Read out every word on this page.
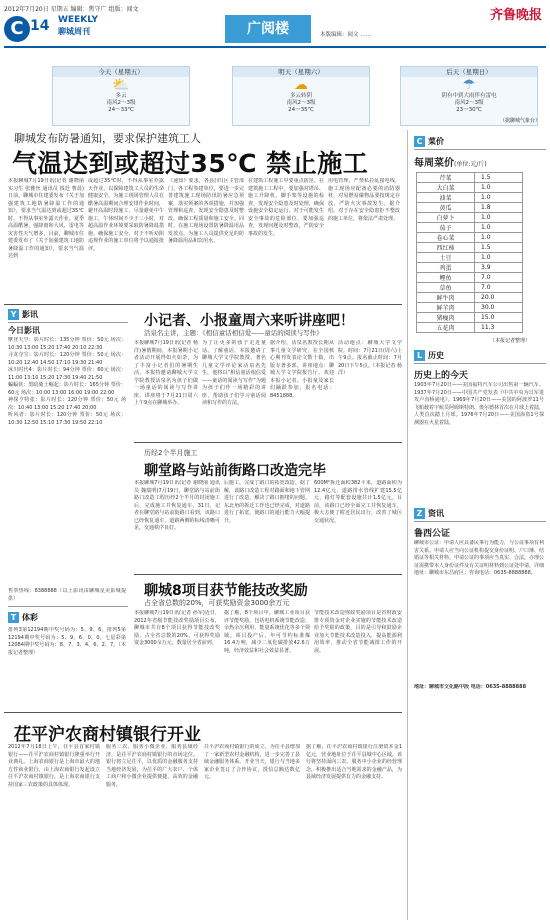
2012年7月20日 星期五 编辑：焦守广 组版：闻文	齐鲁晚报
C 14 WEEKLY
聊城周刊	广阅楼	本版编辑：闻文 ……
今天（星期五）
⛅
多云
南风2～3级
24～33℃
明天（星期六）
☁
多云转阴
南风2～3级
24～35℃
后天（星期日）
☂
阴有中到大雨伴有雷电
南风2～3级
23～30℃
（据聊城气象台）
聊城发布防暑通知，要求保护建筑工人
气温达到或超过35℃ 禁止施工
本报聊城7月19日讯(记者 谢晓丽 实习生 张雅丝 通讯员 钱廷 曹晨)日前，聊城市住建委发布《关于加强建筑工地防暑降温工作的通知》，要求当气温达到或超过35℃时，不得从事室外露天作业。夏季高温酷暑，强降雨和大风、雷电等灾害性天气增多，目前，聊城市住建委发布了《关于加强建筑工地防暑降温工作的通知》，要求当气温达到
或超过35℃时，不得从事室外露天作业，以保障建筑工人员的生命健康安全。为施工现场管理人员在酷暑高温期间合理安排作业时间，避开高温时段施工，尽量避免中午施工，午休时间不少于三小时，对超高温作业环境要采取防暑降温措施，确保施工安全，对于不听劝阻违规作业的施工单位将予以通报批评。
《通知》要求，各县(市)区主管部门、各工程参建单位，要进一步完善建筑施工现场防汛防暑应急预案，落实预案的各项措施，并加强管理和巡查，发现安全隐患及时整改，确保工程质量和施工安全。同时，在施工现场设置防暑降温用品发放点，为施工人员提供充足的防暑降温用品和饮用水。
在建筑工程施工中要重点防范。在建筑施工工程中，要加强对塔吊、施工升降机、脚手架等设施的检查，发现安全隐患及时处理，确保设施安全稳定运行。对于可能发生安全事故的危险部位，要加强巡查，发现问题及时整改，严防安全事故的发生。
用电管理，严禁私拉乱接电线，施工现场应配备必要的消防器材，对易燃易爆物品要按规定存放，严防火灾事故发生。据介绍，对于存在安全隐患拒不整改的施工单位，将依法严肃处理。
Y 影讯
今日影讯
摩登天空：影片时长：135分钟 票价：50元 场次：10:30 13:00 15:20 17:40 20:10 22:30
寻龙夺宝：影片时长：120分钟 票价：50元 场次：10:20 12:40 14:50 17:10 19:30 21:40
冰川时代4：影片时长：94分钟 票价：60元 场次：11:00 13:10 15:20 17:30 19:40 21:50
蝙蝠侠：黑暗骑士崛起：影片时长：165分钟 票价：60元 场次：10:00 13:00 16:00 19:00 22:00
神探亨特张：影片时长：120分钟 票价：50元 场次：10:40 13:00 15:20 17:40 20:00
听风者：影片时长：120分钟 票价：50元 场次：10:30 12:50 15:10 17:30 19:50 22:10
售票热线：8388888（以上影讯由聊城星美影城提供）
T 体彩
排列3第12194期中奖号码为：5、9、6。排列5第12194期中奖号码为：5、9、6、0、0。七星彩第12084期中奖号码为：8、7、3、4、6、2、7。（本报记者整理）
小记者、小报童周六来听讲座吧！
活泉名主讲，主题：《相信童话相信爱——童话的阅读与写作》
本报聊城7月19日讯(记者 杨洋)暑假期间，本报暑期小记者活动开展得如火如荼，为了丰富小记者们的暑期生活，本报特邀请聊城大学文学院教授活泉名为孩子们做一场童话的阅读与写作讲座，讲座将于7月21日周六上午9点在聊城举办。
为了让更多的孩子走近童话、了解童话，本报邀请了聊城大学文学院教授、著名儿童文学评论家活泉名先生，他将以“相信童话相信爱——童话的阅读与写作”为题为孩子们作一场精彩的讲座，帮助孩子们学习童话阅读和写作的方法。
据介绍，活泉名教授长期从事儿童文学研究，在全国核心期刊发表论文数十篇，出版专著多部。讲座地点：聊城大学文学院报告厅。欢迎本报小记者、小报童及家长们踊跃参加，报名电话：8451888。
活动地点：聊城大学文学院。时间：7月21日(周六)上午9点。报名截止时间：7月20日下午5点。（本报记者 杨洋）
历经2个半月施工
聊堂路与站前街路口改造完毕
本报聊城7月19日讯(记者 谢晓丽 通讯员 魏瑞明)7月19日，聊堂路与站前街路口改造工程历经2个半月的封闭施工后，完成施工并恢复通车。31日，记者在聊堂路与站前街路口看到，该路口已经恢复通车，道路两侧的标线清晰可见，交通秩序良好。
后施工，完成了路口的拓宽改造。据了解，该路口改造工程对路面和地下管网进行了改造，解决了路口拥堵的问题。东北角的拆迁工作也已经完成，对道路进行了拓宽，使路口的通行能力大幅提升。
600M²拆迁面积382平米，道路面积为12.4亿元，道路排水管线扩建15.5亿元，路灯等配套设施共计1.5亿元。目前，该路口已经全面完工并恢复通车，极大方便了附近居民出行，改善了城区交通状况。
聊城8项目获节能技改奖励
占全省总数的20%，可获奖励资金3000余万元
本报聊城7月19日讯(记者 孙军)近日，2012年省级节能技改奖励项目公布，聊城市共有8个项目获得节能技改奖励，占全省总数的20%，可获得奖励资金3000余万元，数量居全省前列。
据了解，8个项目中，聊城工业项目获评节能奖励，包括电机系统节能改造、余热余压利用、能量系统优化等多个领域。项目投产后，年可节约标准煤16.4万吨，减少二氧化碳排放42.6万吨，经济效益和社会效益显著。
节能技术改造财政奖励项目是省财政安排专项资金对企业实施的节能技术改造给予奖励的政策，目的是引导和鼓励企业加大节能技术改造投入，提高能源利用效率，推动全省节能减排工作的开展。
茌平沪农商村镇银行开业
2012年7月18日上午，茌平县首家村镇银行——茌平沪农商村镇银行隆重举行开业典礼。上海农商银行是上海市最大的地方性商业银行，由上海农商银行发起设立茌平沪农商村镇银行，是上海农商银行支持国家三农政策的具体体现。
服务三农、服务小微企业、服务县域经济，是茌平沪农商村镇银行的市场定位。银行将立足茌平，以优质的金融服务支持当地经济发展，为茌平的广大农户、个体工商户和小微企业提供便捷、高效的金融服务。
茌平沪农商村镇银行的成立，为茌平县增加了一家新型农村金融机构，进一步完善了县域金融服务体系。开业当天，银行与当地多家企业签订了合作协议，授信总额达数亿元。
据了解，茌平沪农商村镇银行注册资本金1亿元，营业地址位于茌平县城中心区域。该行将坚持面向三农、服务中小企业的经营理念，积极推出适合当地需求的金融产品，为县域经济发展提供有力的金融支持。
C 菜价
每周菜价(单位:元/斤)
芹菜	1.5
大白菜	1.0
油菜	1.0
黄瓜	1.8
白萝卜	1.0
茄子	1.0
卷心菜	1.0
西红柿	1.5
土豆	1.0
鸡蛋	3.9
鲤鱼	7.0
草鱼	7.0
鲜牛肉	20.0
鲜羊肉	30.0
猪瘦肉	15.0
五花肉	11.3
（本报记者整理）
L 历史
历史上的今天
1903年7月20日——美国福特汽车公司出售第一辆汽车。1937年7月20日——中国共产党发表《中共中央为日军进攻卢沟桥通电》。1969年7月20日——美国的阿波罗11号飞船载着宇航员阿姆斯特朗、奥尔德林首次在月球上着陆，人类首次踏上月球。1976年7月20日——美国海盗1号探测器在火星着陆。
Z 资讯
鲁西公证
聊城市公证：申请人应具备民事行为能力，与公证事项有利害关系。申请人应当向公证机构提交身份证明、户口簿、结婚证等相关材料。申请公证的事项应当真实、合法。办理公证需携带本人身份证件及有关证明材料到公证处申请。详细地址：聊城市东昌府区；咨询电话：0635-8888888。
地址：聊城市文化路中段 电话：0635-8888888
